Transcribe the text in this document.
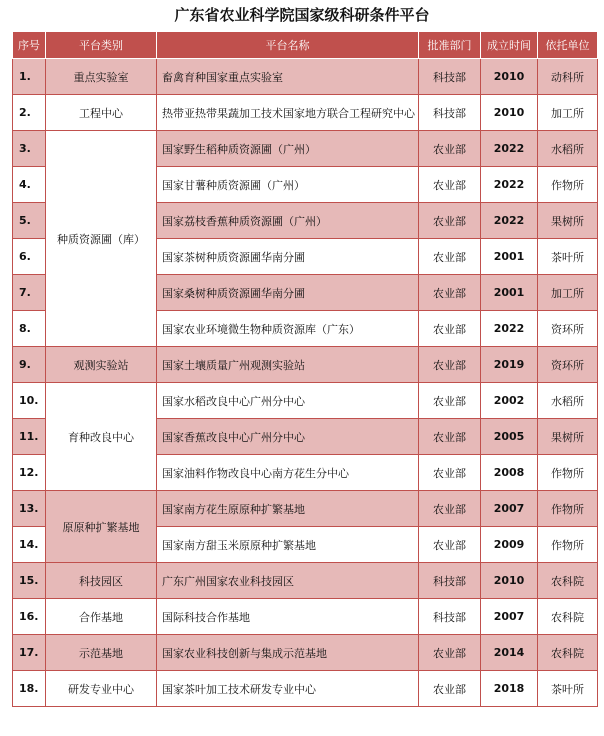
广东省农业科学院国家级科研条件平台
序号	平台类别	平台名称	批准部门	成立时间	依托单位
1.	重点实验室	畜禽育种国家重点实验室	科技部	2010	动科所
2.	工程中心	热带亚热带果蔬加工技术国家地方联合工程研究中心	科技部	2010	加工所
3.	种质资源圃（库）	国家野生稻种质资源圃（广州）	农业部	2022	水稻所
4.		国家甘薯种质资源圃（广州）	农业部	2022	作物所
5.		国家荔枝香蕉种质资源圃（广州）	农业部	2022	果树所
6.		国家茶树种质资源圃华南分圃	农业部	2001	茶叶所
7.		国家桑树种质资源圃华南分圃	农业部	2001	加工所
8.		国家农业环境微生物种质资源库（广东）	农业部	2022	资环所
9.	观测实验站	国家土壤质量广州观测实验站	农业部	2019	资环所
10.	育种改良中心	国家水稻改良中心广州分中心	农业部	2002	水稻所
11.		国家香蕉改良中心广州分中心	农业部	2005	果树所
12.		国家油料作物改良中心南方花生分中心	农业部	2008	作物所
13.	原原种扩繁基地	国家南方花生原原种扩繁基地	农业部	2007	作物所
14.		国家南方甜玉米原原种扩繁基地	农业部	2009	作物所
15.	科技园区	广东广州国家农业科技园区	科技部	2010	农科院
16.	合作基地	国际科技合作基地	科技部	2007	农科院
17.	示范基地	国家农业科技创新与集成示范基地	农业部	2014	农科院
18.	研发专业中心	国家茶叶加工技术研发专业中心	农业部	2018	茶叶所
